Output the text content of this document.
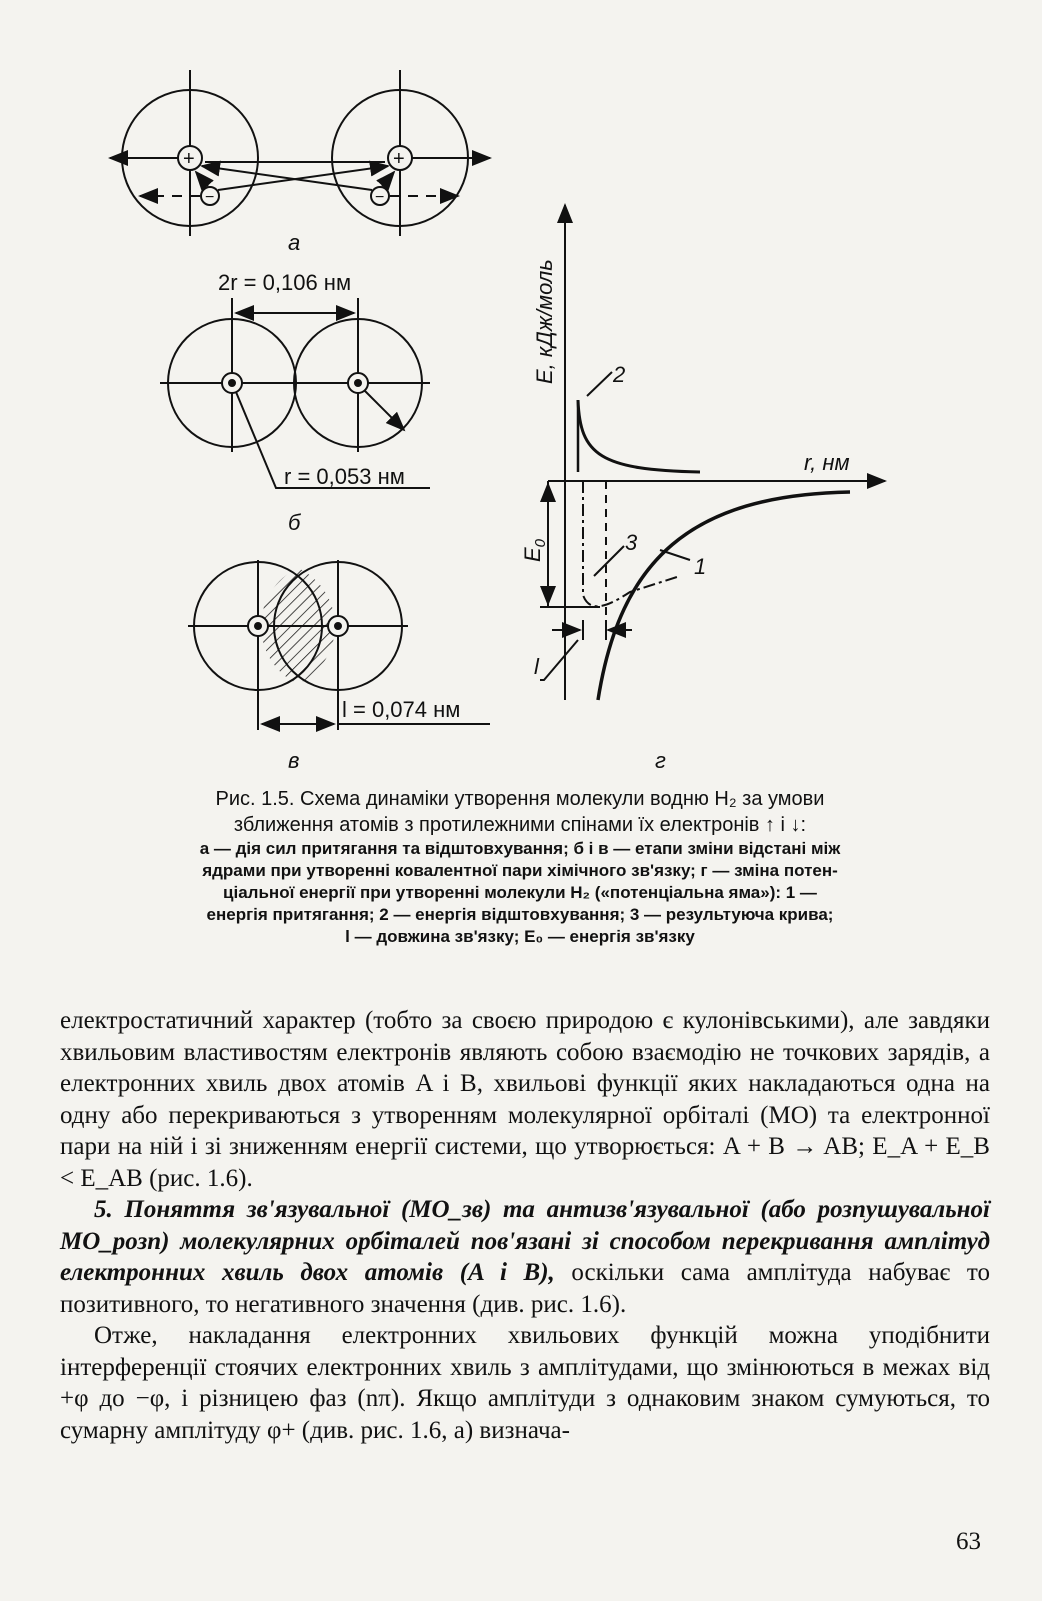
+	+
−	−
а
2r = 0,106 нм
r = 0,053 нм
б
l = 0,074 нм
в
E, кДж/моль
r, нм
$E_0$
2
3
1
l
г
Рис. 1.5. Схема динаміки утворення молекули водню H₂ за умови
зближення атомів з протилежними спінами їх електронів ↑ і ↓:
а — дія сил притягання та відштовхування; б і в — етапи зміни відстані між
ядрами при утворенні ковалентної пари хімічного зв'язку; г — зміна потен-
ціальної енергії при утворенні молекули H₂ («потенціальна яма»): 1 —
енергія притягання; 2 — енергія відштовхування; 3 — результуюча крива;
l — довжина зв'язку; E₀ — енергія зв'язку

електростатичний характер (тобто за своєю природою є кулонівськими), але завдяки хвильовим властивостям електронів являють собою взаємодію не точкових зарядів, а електронних хвиль двох атомів A і B, хвильові функції яких накладаються одна на одну або перекриваються з утворенням молекулярної орбіталі (МО) та електронної пари на ній і зі зниженням енергії системи, що утворюється: A + B → AB; E_A + E_B < E_AB (рис. 1.6).

5. Поняття зв'язувальної (МО_зв) та антизв'язувальної (або розпушувальної МО_розп) молекулярних орбіталей пов'язані зі способом перекривання амплітуд електронних хвиль двох атомів (A і B), оскільки сама амплітуда набуває то позитивного, то негативного значення (див. рис. 1.6).

Отже, накладання електронних хвильових функцій можна уподібнити інтерференції стоячих електронних хвиль з амплітудами, що змінюються в межах від +φ до −φ, і різницею фаз (nπ). Якщо амплітуди з однаковим знаком сумуються, то сумарну амплітуду φ+ (див. рис. 1.6, а) визнача-

63
